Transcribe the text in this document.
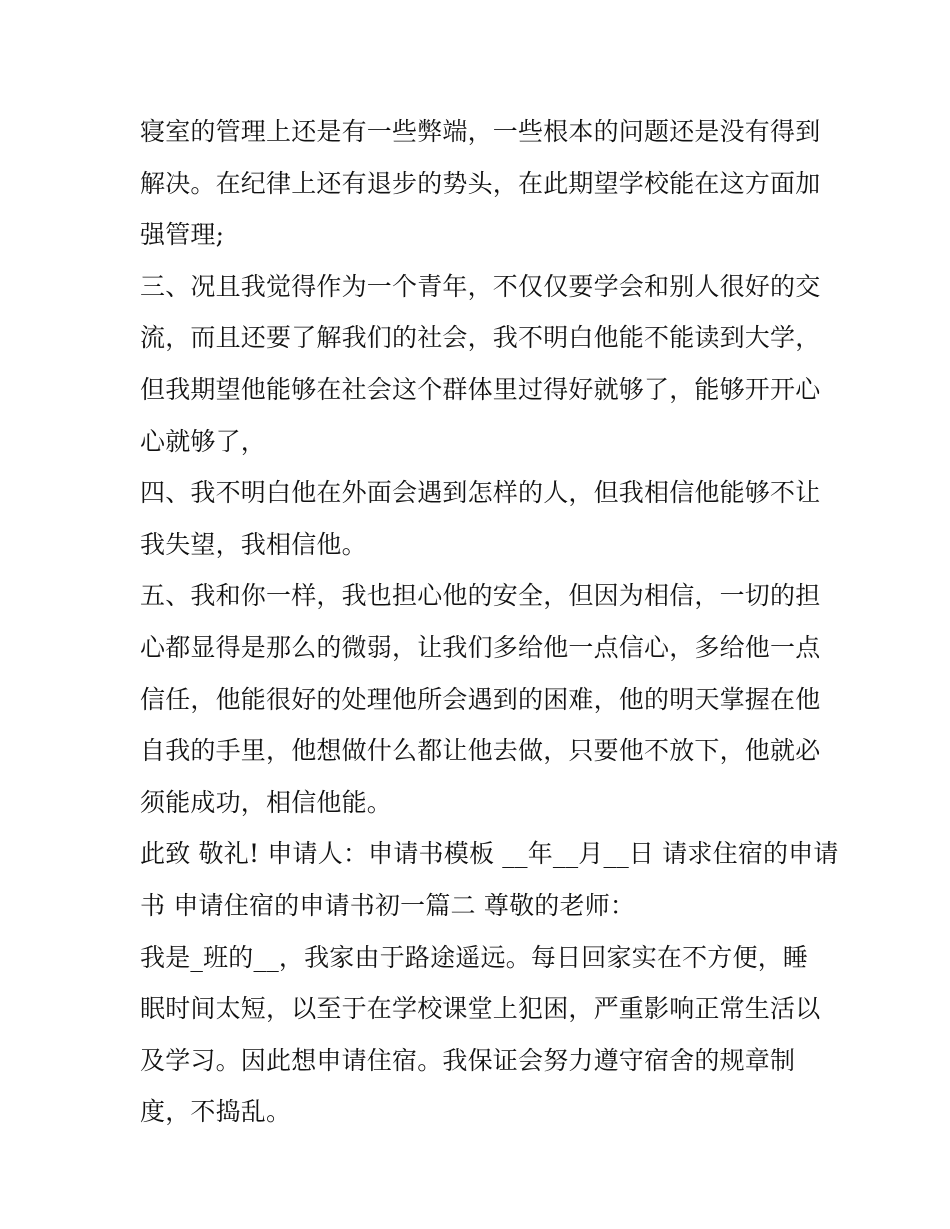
寝室的管理上还是有一些弊端，一些根本的问题还是没有得到
解决。在纪律上还有退步的势头，在此期望学校能在这方面加
强管理;
三、况且我觉得作为一个青年，不仅仅要学会和别人很好的交
流，而且还要了解我们的社会，我不明白他能不能读到大学，
但我期望他能够在社会这个群体里过得好就够了，能够开开心
心就够了，
四、我不明白他在外面会遇到怎样的人，但我相信他能够不让
我失望，我相信他。
五、我和你一样，我也担心他的安全，但因为相信，一切的担
心都显得是那么的微弱，让我们多给他一点信心，多给他一点
信任，他能很好的处理他所会遇到的困难，他的明天掌握在他
自我的手里，他想做什么都让他去做，只要他不放下，他就必
须能成功，相信他能。
此致 敬礼! 申请人：申请书模板 __年__月__日 请求住宿的申请
书 申请住宿的申请书初一篇二 尊敬的老师：
我是_班的__，我家由于路途遥远。每日回家实在不方便，睡
眠时间太短，以至于在学校课堂上犯困，严重影响正常生活以
及学习。因此想申请住宿。我保证会努力遵守宿舍的规章制
度，不捣乱。
